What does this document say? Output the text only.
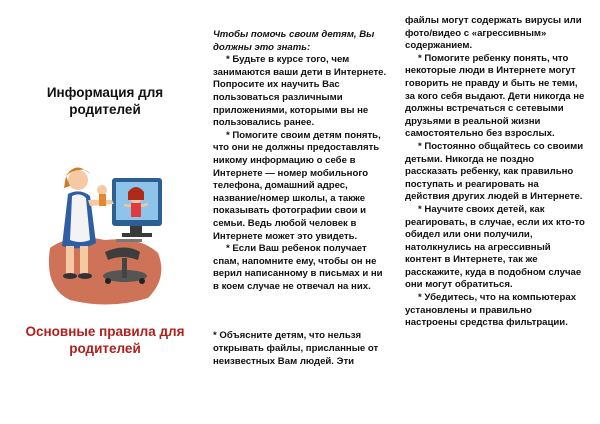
Информация для родителей
Основные правила для родителей

Чтобы помочь своим детям, Вы должны это знать:

* Будьте в курсе того, чем занимаются ваши дети в Интернете. Попросите их научить Вас пользоваться различными приложениями, которыми вы не пользовались ранее.

* Помогите своим детям понять, что они не должны предоставлять никому информацию о себе в Интернете — номер мобильного телефона, домашний адрес, название/номер школы, а также показывать фотографии свои и семьи. Ведь любой человек в Интернете может это увидеть.

* Если Ваш ребенок получает спам, напомните ему, чтобы он не верил написанному в письмах и ни в коем случае не отвечал на них.

* Объясните детям, что нельзя открывать файлы, присланные от неизвестных Вам людей. Эти

файлы могут содержать вирусы или фото/видео с «агрессивным» содержанием.

* Помогите ребенку понять, что некоторые люди в Интернете могут говорить не правду и быть не теми, за кого себя выдают. Дети никогда не должны встречаться с сетевыми друзьями в реальной жизни самостоятельно без взрослых.

* Постоянно общайтесь со своими детьми. Никогда не поздно рассказать ребенку, как правильно поступать и реагировать на действия других людей в Интернете.

* Научите своих детей, как реагировать, в случае, если их кто-то обидел или они получили, натолкнулись на агрессивный контент в Интернете, так же расскажите, куда в подобном случае они могут обратиться.

* Убедитесь, что на компьютерах установлены и правильно настроены средства фильтрации.
